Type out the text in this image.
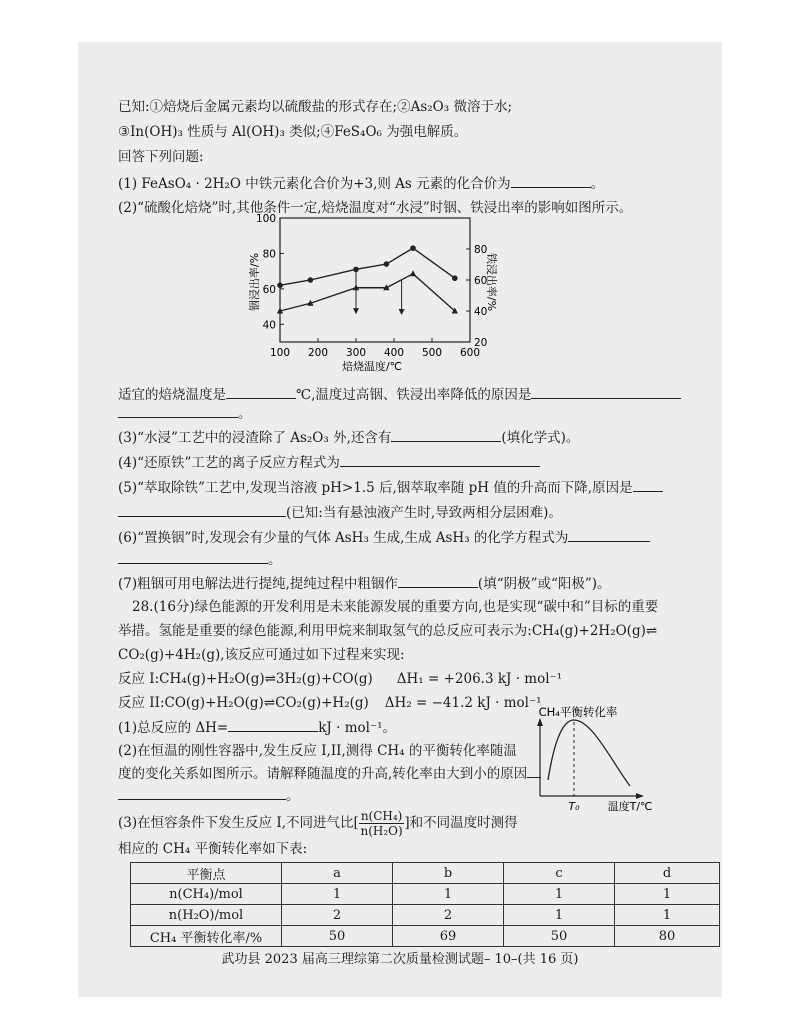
已知:①焙烧后金属元素均以硫酸盐的形式存在;②As₂O₃ 微溶于水;
③In(OH)₃ 性质与 Al(OH)₃ 类似;④FeS₄O₆ 为强电解质。
回答下列问题:
(1) FeAsO₄ · 2H₂O 中铁元素化合价为+3,则 As 元素的化合价为	。
(2)“硫酸化焙烧”时,其他条件一定,焙烧温度对“水浸”时铟、铁浸出率的影响如图所示。
100 200 300 400 500 600
40
60
80
100
20
40
60
80
铟浸出率/%	铁浸出率/%
焙烧温度/℃
CH₄平衡转化率
T₀	温度T/℃
适宜的焙烧温度是	℃,温度过高铟、铁浸出率降低的原因是
。
(3)“水浸”工艺中的浸渣除了 As₂O₃ 外,还含有	(填化学式)。
(4)“还原铁”工艺的离子反应方程式为
(5)“萃取除铁”工艺中,发现当溶液 pH>1.5 后,铟萃取率随 pH 值的升高而下降,原因是
(已知:当有悬浊液产生时,导致两相分层困难)。
(6)“置换铟”时,发现会有少量的气体 AsH₃ 生成,生成 AsH₃ 的化学方程式为
。
(7)粗铟可用电解法进行提纯,提纯过程中粗铟作	(填“阴极”或“阳极”)。
28.(16分)绿色能源的开发利用是未来能源发展的重要方向,也是实现“碳中和”目标的重要
举措。氢能是重要的绿色能源,利用甲烷来制取氢气的总反应可表示为:CH₄(g)+2H₂O(g)⇌
CO₂(g)+4H₂(g),该反应可通过如下过程来实现:
反应 I:CH₄(g)+H₂O(g)⇌3H₂(g)+CO(g) ΔH₁ = +206.3 kJ · mol⁻¹
反应 II:CO(g)+H₂O(g)⇌CO₂(g)+H₂(g) ΔH₂ = −41.2 kJ · mol⁻¹
(1)总反应的 ΔH=	kJ · mol⁻¹。
(2)在恒温的刚性容器中,发生反应 I,II,测得 CH₄ 的平衡转化率随温
度的变化关系如图所示。请解释随温度的升高,转化率由大到小的原因
。
(3)在恒容条件下发生反应 I,不同进气比[ $\frac{\text{n(CH₄)}}{\text{n(H₂O)}}$]和不同温度时测得
相应的 CH₄ 平衡转化率如下表:
平衡点	a	b	c	d
n(CH₄)/mol	1	1	1	1
n(H₂O)/mol	2	2	1	1
CH₄ 平衡转化率/%	50	69	50	80
武功县 2023 届高三理综第二次质量检测试题– 10–(共 16 页)
